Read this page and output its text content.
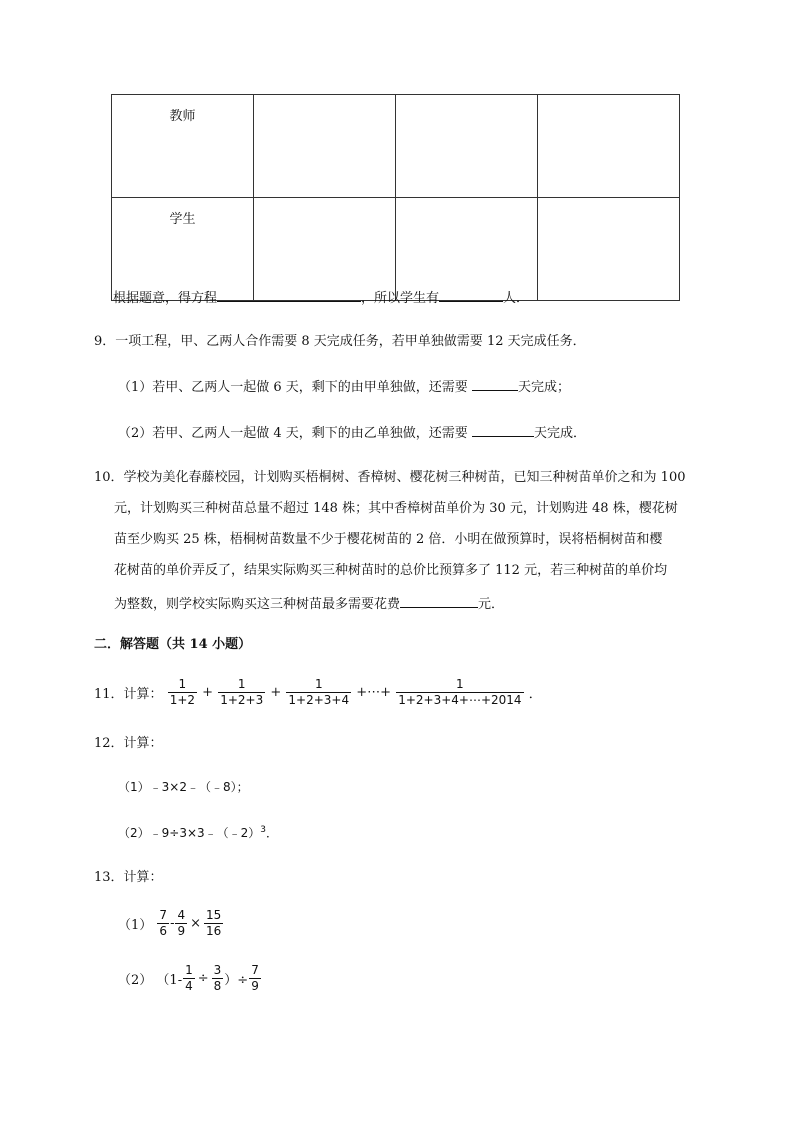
教师			
学生			
根据题意，得方程	，所以学生有	人．
9．一项工程，甲、乙两人合作需要 8 天完成任务，若甲单独做需要 12 天完成任务．
（1）若甲、乙两人一起做 6 天，剩下的由甲单独做，还需要	天完成；
（2）若甲、乙两人一起做 4 天，剩下的由乙单独做，还需要	天完成．
10．学校为美化春藤校园，计划购买梧桐树、香樟树、樱花树三种树苗，已知三种树苗单价之和为 100
元，计划购买三种树苗总量不超过 148 株；其中香樟树苗单价为 30 元，计划购进 48 株，樱花树
苗至少购买 25 株，梧桐树苗数量不少于樱花树苗的 2 倍．小明在做预算时，误将梧桐树苗和樱
花树苗的单价弄反了，结果实际购买三种树苗时的总价比预算多了 112 元，若三种树苗的单价均
为整数，则学校实际购买这三种树苗最多需要花费	元．
二．解答题（共 14 小题）
11．计算： $\frac{1}{1+2} + \frac{1}{1+2+3} + \frac{1}{1+2+3+4}$ +⋯+ $\frac{1}{1+2+3+4+\cdots+2014}$ ．
12．计算：
（1）﹣3×2﹣（﹣8）；
（2）﹣9÷3×3﹣（﹣2）$^3$．
13．计算：
$(1) \frac{7}{6} - \frac{4}{9} \times \frac{15}{16}$
（2） （$1- \frac{1}{4} \div \frac{3}{8}$ ）÷ $\frac{7}{9}$
